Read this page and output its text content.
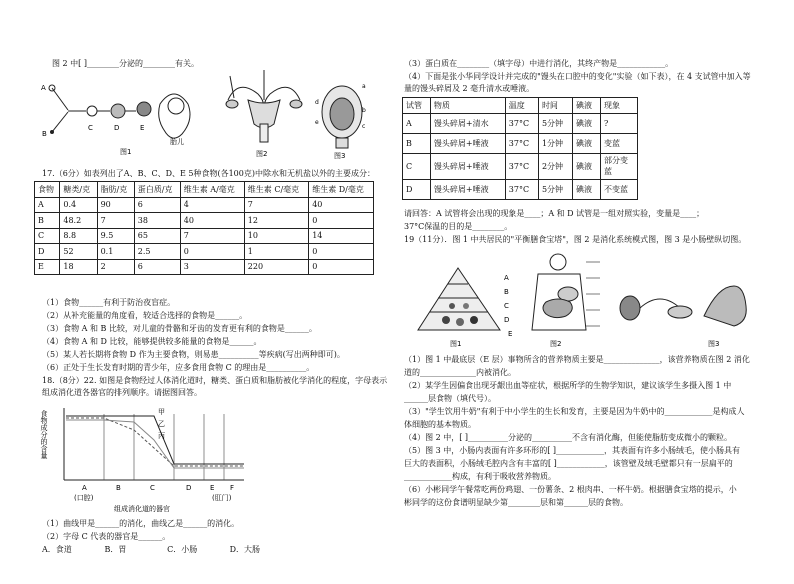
图 2 中[ ]________分泌的________有关。
A
B
C	D	E
胎儿
图1	图2
a
b
c
d
e
图3
17.（6分）如表列出了A、B、C、D、E 5种食物(各100克)中除水和无机盐以外的主要成分：
食物	糖类/克	脂肪/克	蛋白质/克	维生素 A/毫克	维生素 C/毫克	维生素 D/毫克
A	0.4	90	6	4	7	40
B	48.2	7	38	40	12	0
C	8.8	9.5	65	7	10	14
D	52	0.1	2.5	0	1	0
E	18	2	6	3	220	0
（1）食物______有利于防治夜盲症。
（2）从补充能量的角度看，较适合选择的食物是______。
（3）食物 A 和 B 比较，对儿童的骨骼和牙齿的发育更有利的食物是______。
（4）食物 A 和 D 比较，能够提供较多能量的食物是______。
（5）某人若长期将食物 D 作为主要食物，则易患__________等疾病(写出两种即可)。
（6）正处于生长发育时期的青少年，应多食用食物 C 的理由是__________。
18.（8分）22. 如图是食物经过人体消化道时，糖类、蛋白质和脂肪被化学消化的程度，字母表示
组成消化道各器官的排列顺序。请据图回答。
食物成分的含量	甲
乙
丙
A	B	C	D	E F
(口腔)	(肛门)
组成消化道的器官
（1）曲线甲是______的消化，曲线乙是______的消化。
（2）字母 C 代表的器官是______。
A．食道	B．胃	C．小肠	D．大肠
（3）蛋白质在________（填字母）中进行消化，其终产物是____________。
（4）下面是张小华同学设计并完成的"馒头在口腔中的变化"实验（如下表），在 4 支试管中加入等
量的馒头碎屑及 2 毫升清水或唾液。
试管	物质	温度	时间	碘液	现象
A	馒头碎屑+清水	37°C	5分钟	碘液	?
B	馒头碎屑+唾液	37°C	1分钟	碘液	变蓝
C	馒头碎屑+唾液	37°C	2分钟	碘液	部分变蓝
D	馒头碎屑+唾液	37°C	5分钟	碘液	不变蓝
请回答：A 试管将会出现的现象是____；A 和 D 试管是一组对照实验，变量是____；
37°C保温的目的是________。
19（11分）．图 1 中共居民的"平衡膳食宝塔"，图 2 是消化系统模式图，图 3 是小肠壁纵切图。
A
B
C
D
E
图1	图2	图3
（1）图 1 中最底层（E 层）事物所含的营养物质主要是______________，该营养物质在图 2 消化
道的______________内被消化。
（2）某学生因偏食出现牙龈出血等症状，根据所学的生物学知识，建议该学生多摄入图 1 中
______层食物（填代号）。
（3）"学生饮用牛奶"有利于中小学生的生长和发育，主要是因为牛奶中的____________是构成人
体细胞的基本物质。
（4）图 2 中，[ ]__________分泌的__________不含有消化酶，但能使脂肪变成微小的颗粒。
（5）图 3 中，小肠内表面有许多环形的[ ]____________，其表面有许多小肠绒毛，使小肠具有
巨大的表面积，小肠绒毛腔内含有丰富的[ ]____________，该管壁及绒毛壁都只有一层扁平的
____________构成，有利于吸收营养物质。
（6）小彬同学午餐常吃两份鸡翅、一份薯条、2 根肉串、一杯牛奶。根据膳食宝塔的提示，小
彬同学的这份食谱明显缺少第________层和第______层的食物。
